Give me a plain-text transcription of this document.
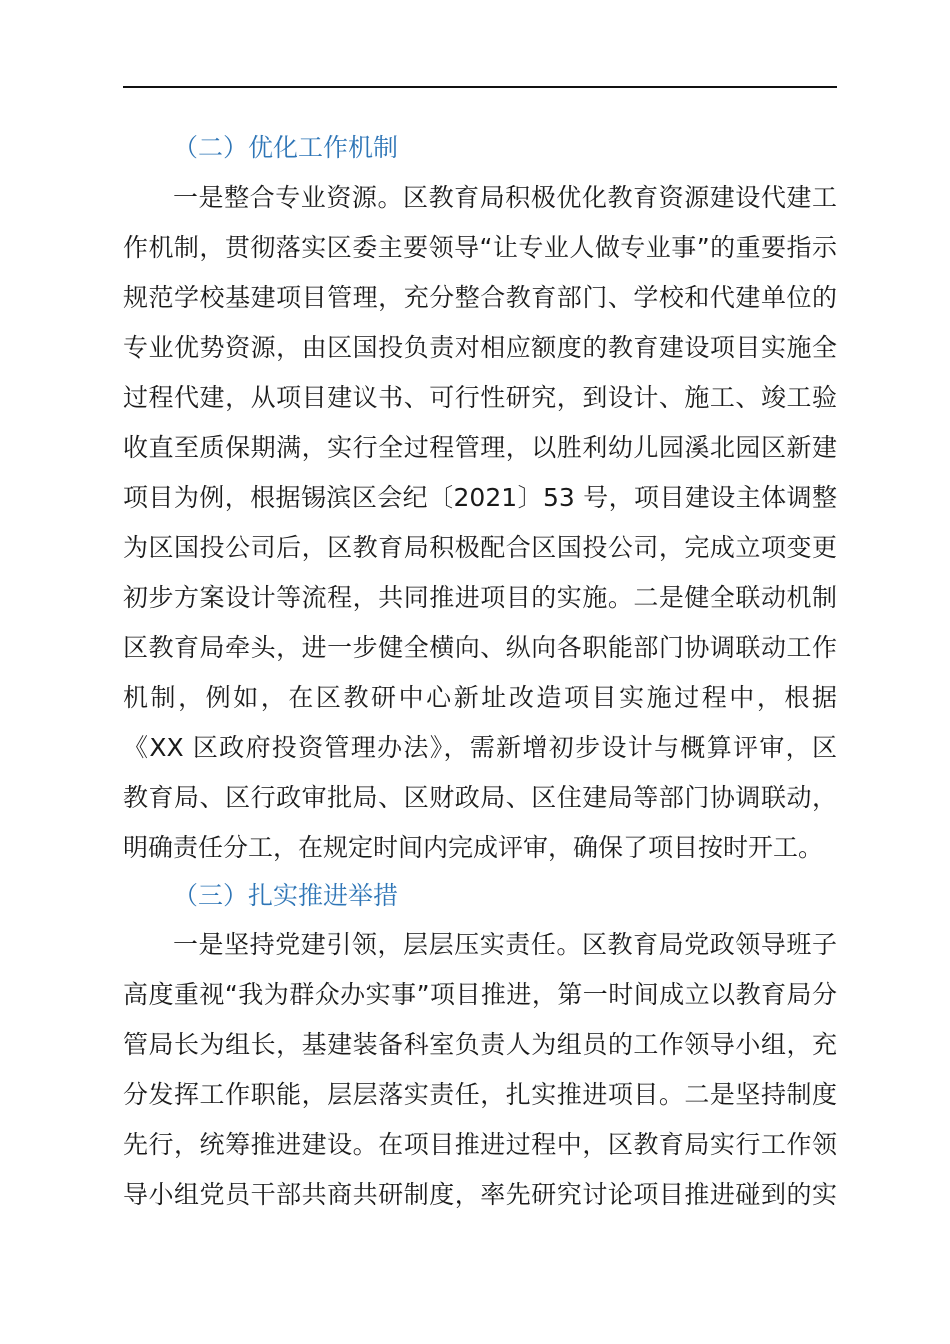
（二）优化工作机制
一是整合专业资源。区教育局积极优化教育资源建设代建工
作机制，贯彻落实区委主要领导“让专业人做专业事”的重要指示
规范学校基建项目管理，充分整合教育部门、学校和代建单位的
专业优势资源，由区国投负责对相应额度的教育建设项目实施全
过程代建，从项目建议书、可行性研究，到设计、施工、竣工验
收直至质保期满，实行全过程管理，以胜利幼儿园溪北园区新建
项目为例，根据锡滨区会纪〔2021〕53 号，项目建设主体调整
为区国投公司后，区教育局积极配合区国投公司，完成立项变更
初步方案设计等流程，共同推进项目的实施。二是健全联动机制
区教育局牵头，进一步健全横向、纵向各职能部门协调联动工作
机制，例如，在区教研中心新址改造项目实施过程中，根据
《XX 区政府投资管理办法》，需新增初步设计与概算评审，区
教育局、区行政审批局、区财政局、区住建局等部门协调联动，
明确责任分工，在规定时间内完成评审，确保了项目按时开工。
（三）扎实推进举措
一是坚持党建引领，层层压实责任。区教育局党政领导班子
高度重视“我为群众办实事”项目推进，第一时间成立以教育局分
管局长为组长，基建装备科室负责人为组员的工作领导小组，充
分发挥工作职能，层层落实责任，扎实推进项目。二是坚持制度
先行，统筹推进建设。在项目推进过程中，区教育局实行工作领
导小组党员干部共商共研制度，率先研究讨论项目推进碰到的实
